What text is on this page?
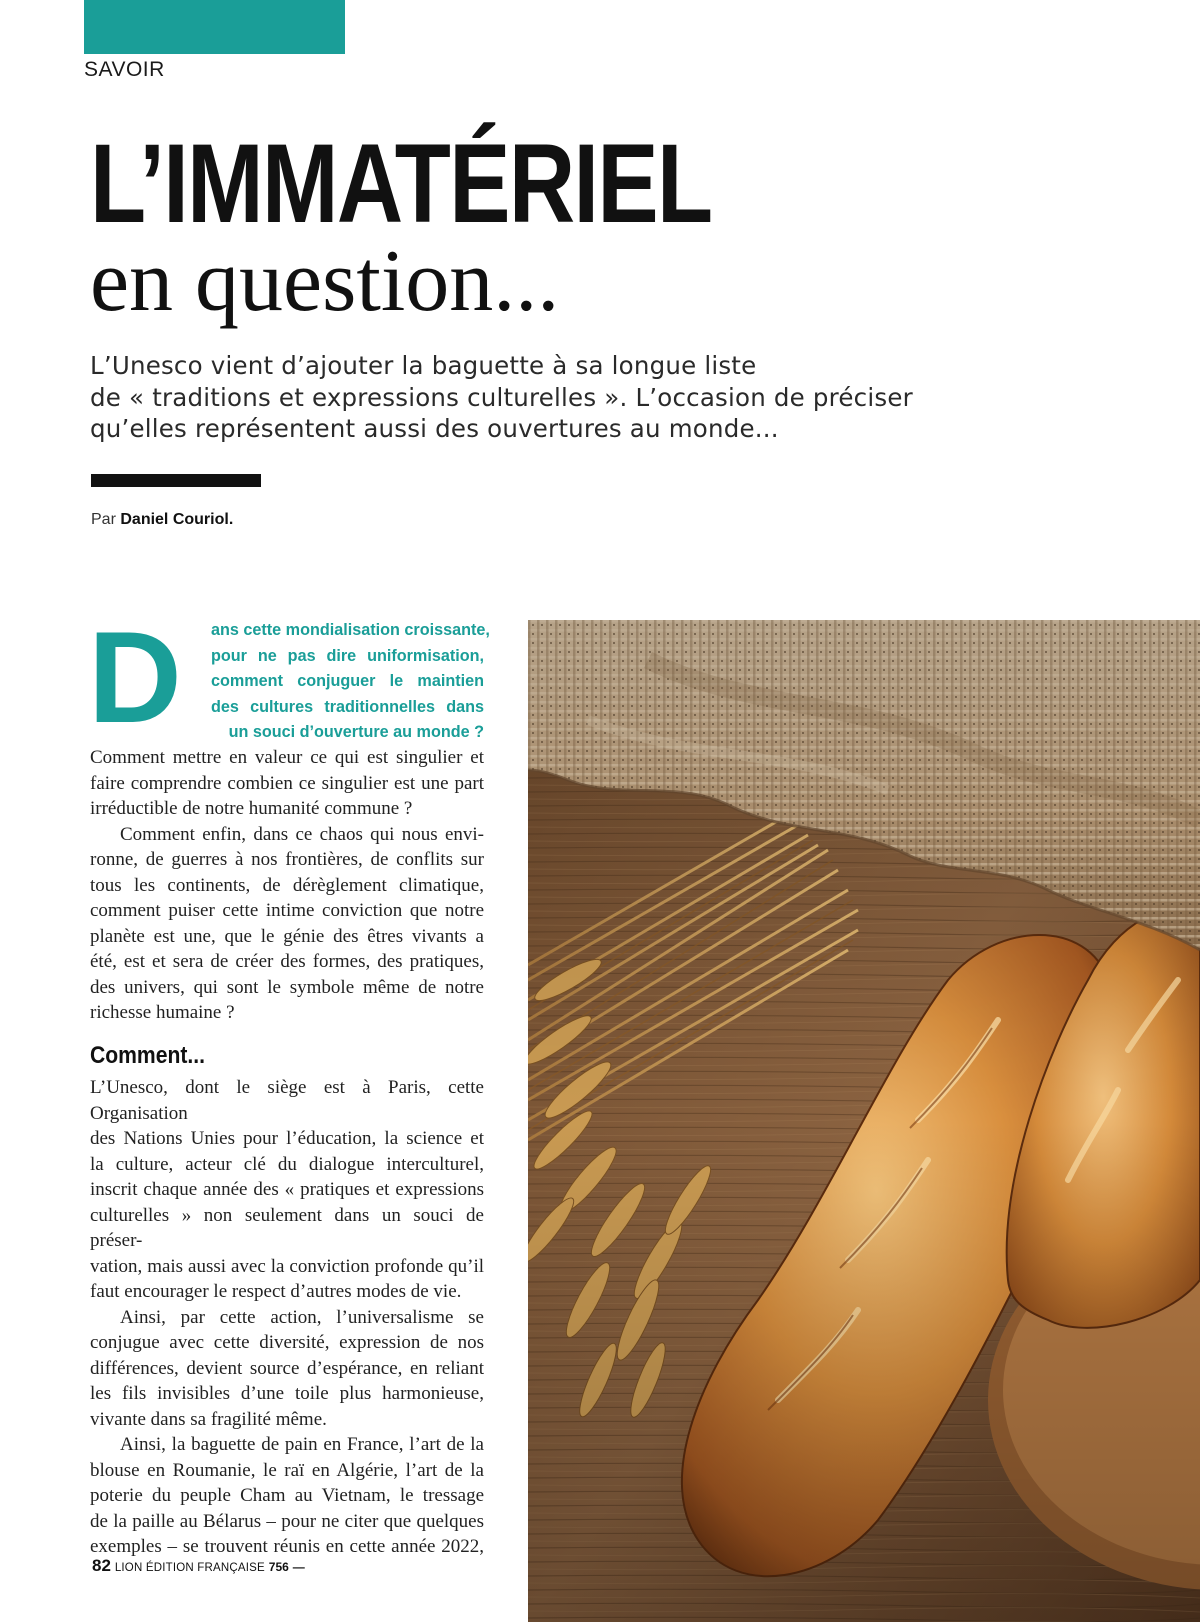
SAVOIR
L’IMMATÉRIEL
en question...
L’Unesco vient d’ajouter la baguette à sa longue liste
de « traditions et expressions culturelles ». L’occasion de préciser
qu’elles représentent aussi des ouvertures au monde...
Par Daniel Couriol.
D ans cette mondialisation croissante,
pour ne pas dire uniformisation,
comment conjuguer le maintien
des cultures traditionnelles dans
un souci d’ouverture au monde ?

Comment mettre en valeur ce qui est singulier et
faire comprendre combien ce singulier est une part
irréductible de notre humanité commune ?

Comment enfin, dans ce chaos qui nous envi-
ronne, de guerres à nos frontières, de conflits sur
tous les continents, de dérèglement climatique,
comment puiser cette intime conviction que notre
planète est une, que le génie des êtres vivants a
été, est et sera de créer des formes, des pratiques,
des univers, qui sont le symbole même de notre
richesse humaine ?

Comment...

L’Unesco, dont le siège est à Paris, cette Organisation
des Nations Unies pour l’éducation, la science et
la culture, acteur clé du dialogue interculturel,
inscrit chaque année des « pratiques et expressions
culturelles » non seulement dans un souci de préser-
vation, mais aussi avec la conviction profonde qu’il
faut encourager le respect d’autres modes de vie.

Ainsi, par cette action, l’universalisme se
conjugue avec cette diversité, expression de nos
différences, devient source d’espérance, en reliant
les fils invisibles d’une toile plus harmonieuse,
vivante dans sa fragilité même.

Ainsi, la baguette de pain en France, l’art de la
blouse en Roumanie, le raï en Algérie, l’art de la
poterie du peuple Cham au Vietnam, le tressage
de la paille au Bélarus – pour ne citer que quelques
exemples – se trouvent réunis en cette année 2022,

82 LION ÉDITION FRANÇAISE 756 —
